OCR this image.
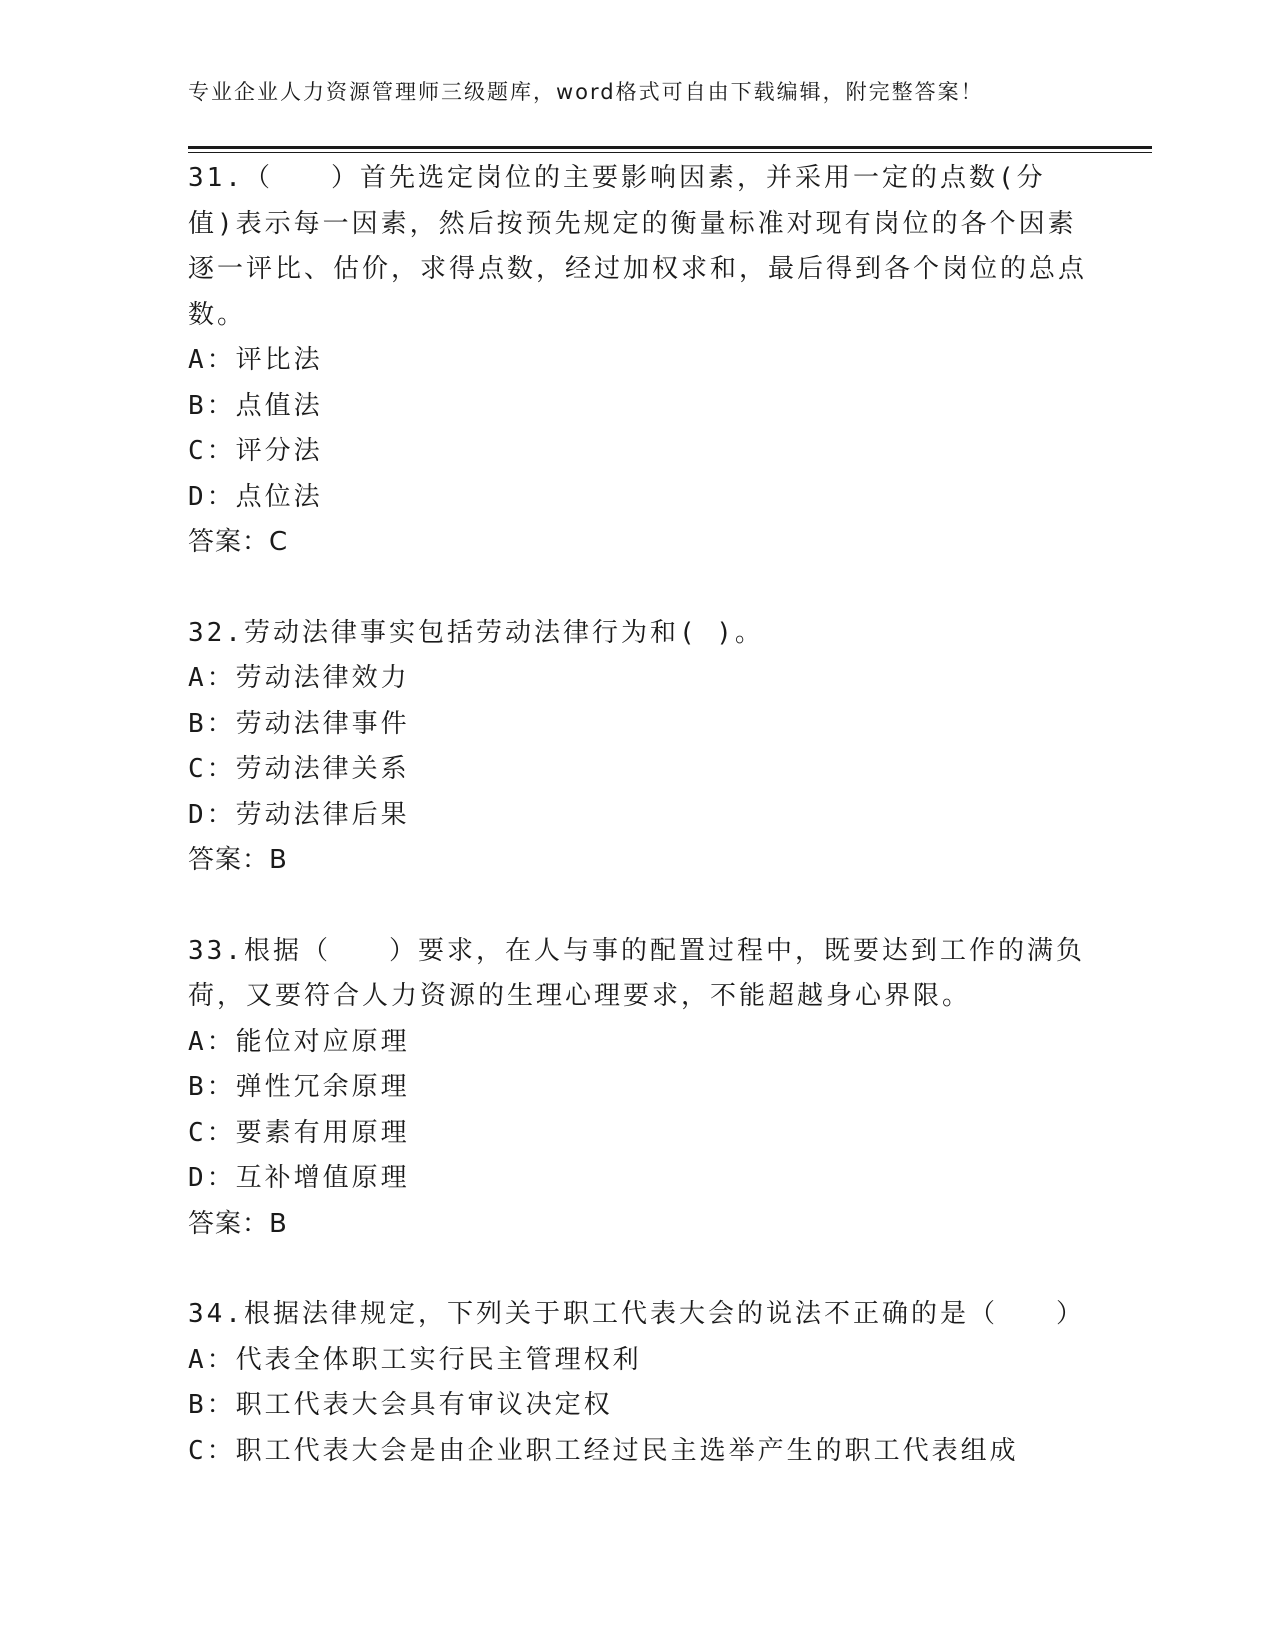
专业企业人力资源管理师三级题库，word格式可自由下载编辑，附完整答案！
31.（　　）首先选定岗位的主要影响因素，并采用一定的点数(分值)表示每一因素，然后按预先规定的衡量标准对现有岗位的各个因素逐一评比、估价，求得点数，经过加权求和，最后得到各个岗位的总点数。
A：评比法
B：点值法
C：评分法
D：点位法
答案：C
32.劳动法律事实包括劳动法律行为和( )。
A：劳动法律效力
B：劳动法律事件
C：劳动法律关系
D：劳动法律后果
答案：B
33.根据（　　）要求，在人与事的配置过程中，既要达到工作的满负荷，又要符合人力资源的生理心理要求，不能超越身心界限。
A：能位对应原理
B：弹性冗余原理
C：要素有用原理
D：互补增值原理
答案：B
34.根据法律规定，下列关于职工代表大会的说法不正确的是（　　）
A：代表全体职工实行民主管理权利
B：职工代表大会具有审议决定权
C：职工代表大会是由企业职工经过民主选举产生的职工代表组成
